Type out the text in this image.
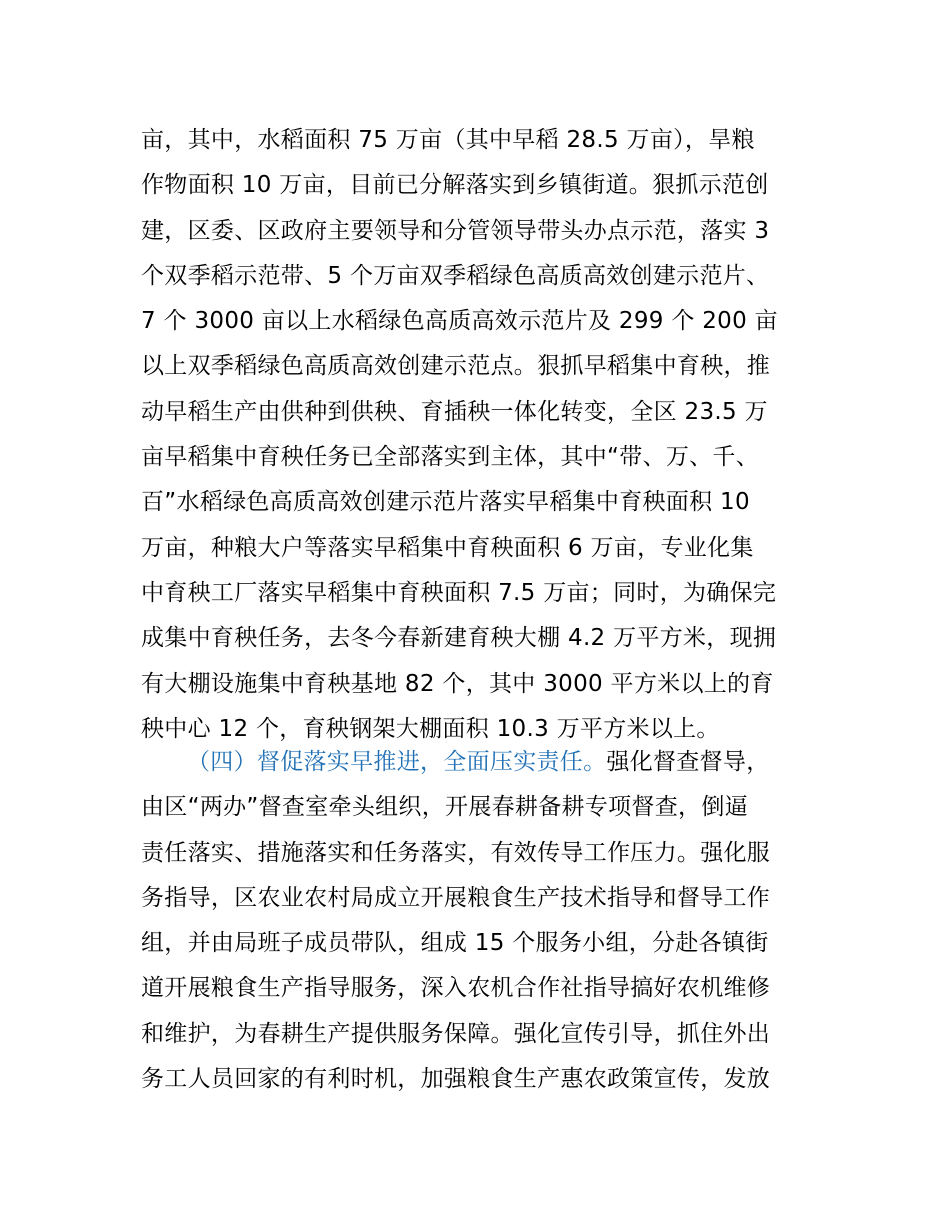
亩，其中，水稻面积 75 万亩（其中早稻 28.5 万亩），旱粮
作物面积 10 万亩，目前已分解落实到乡镇街道。狠抓示范创
建，区委、区政府主要领导和分管领导带头办点示范，落实 3
个双季稻示范带、5 个万亩双季稻绿色高质高效创建示范片、
7 个 3000 亩以上水稻绿色高质高效示范片及 299 个 200 亩
以上双季稻绿色高质高效创建示范点。狠抓早稻集中育秧，推
动早稻生产由供种到供秧、育插秧一体化转变，全区 23.5 万
亩早稻集中育秧任务已全部落实到主体，其中“带、万、千、
百”水稻绿色高质高效创建示范片落实早稻集中育秧面积 10
万亩，种粮大户等落实早稻集中育秧面积 6 万亩，专业化集
中育秧工厂落实早稻集中育秧面积 7.5 万亩；同时，为确保完
成集中育秧任务，去冬今春新建育秧大棚 4.2 万平方米，现拥
有大棚设施集中育秧基地 82 个，其中 3000 平方米以上的育
秧中心 12 个，育秧钢架大棚面积 10.3 万平方米以上。
（四）督促落实早推进，全面压实责任。强化督查督导，
由区“两办”督查室牵头组织，开展春耕备耕专项督查，倒逼
责任落实、措施落实和任务落实，有效传导工作压力。强化服
务指导，区农业农村局成立开展粮食生产技术指导和督导工作
组，并由局班子成员带队，组成 15 个服务小组，分赴各镇街
道开展粮食生产指导服务，深入农机合作社指导搞好农机维修
和维护，为春耕生产提供服务保障。强化宣传引导，抓住外出
务工人员回家的有利时机，加强粮食生产惠农政策宣传，发放
